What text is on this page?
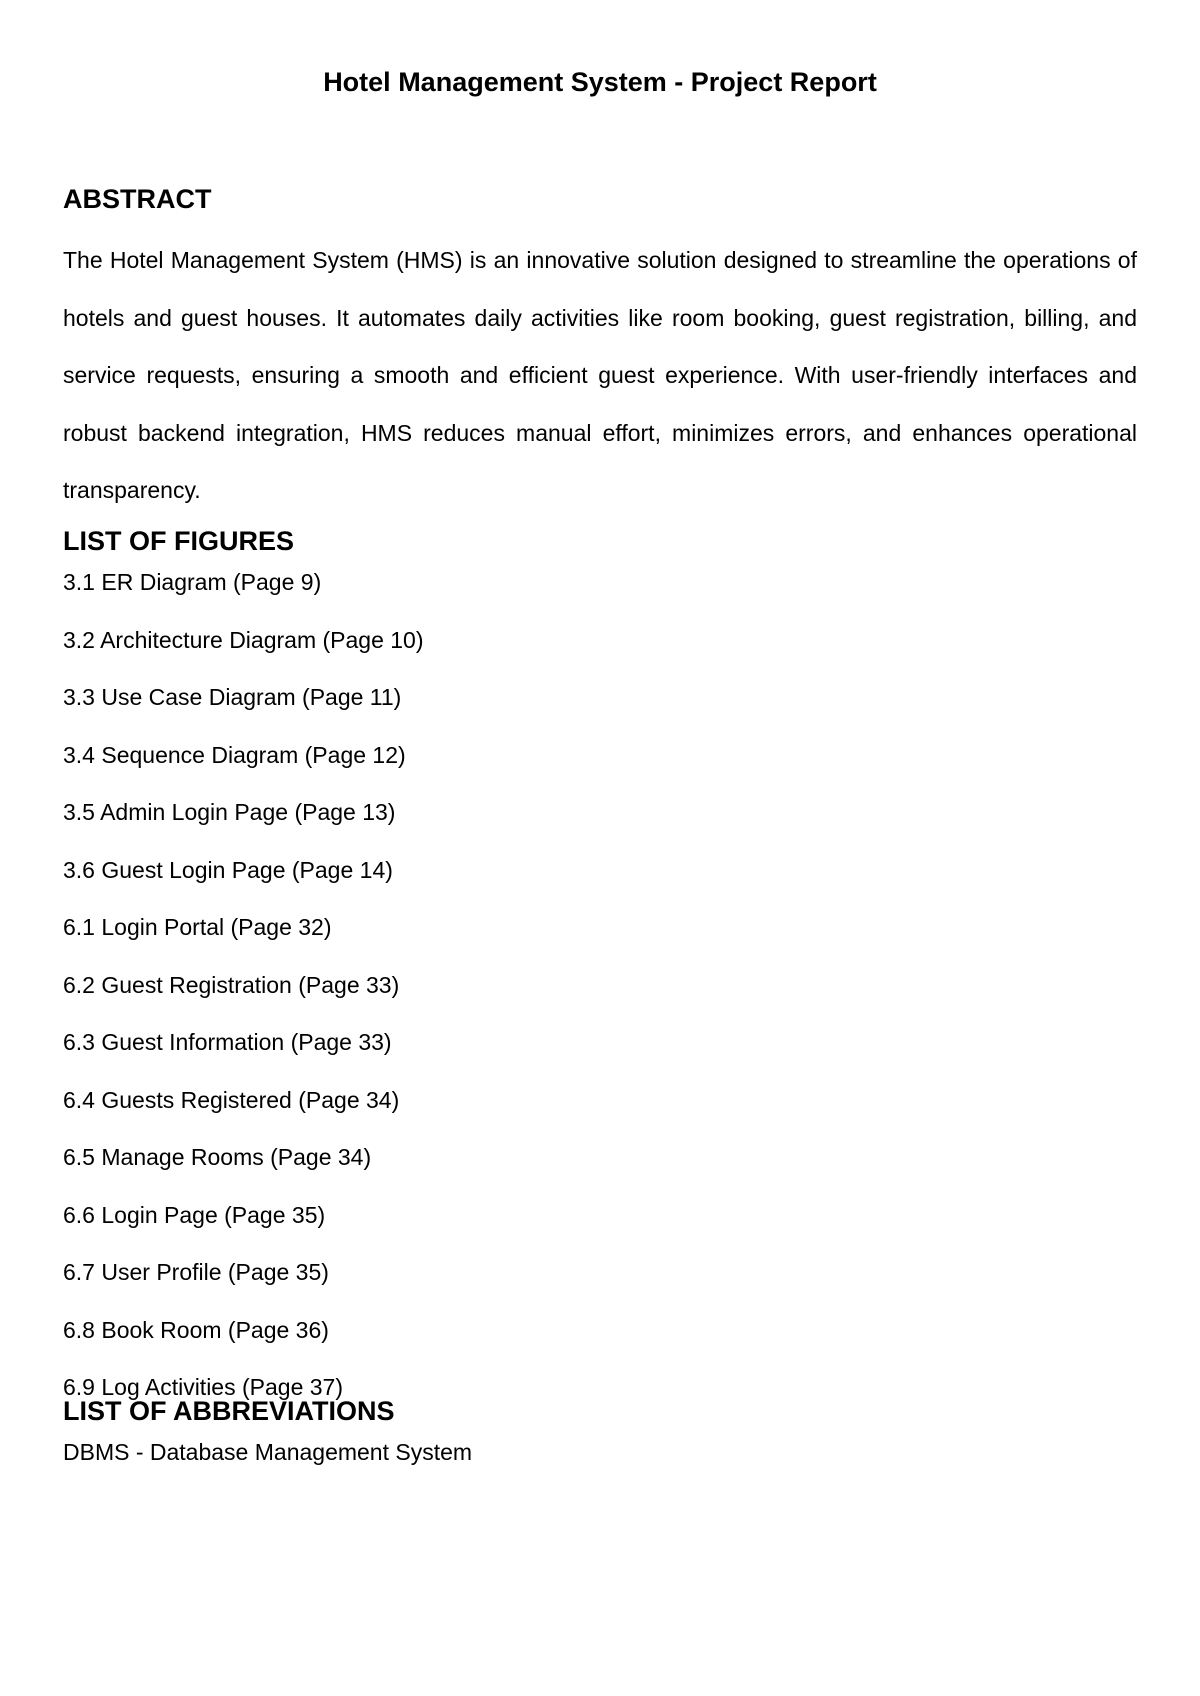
Hotel Management System - Project Report
ABSTRACT

The Hotel Management System (HMS) is an innovative solution designed to streamline the operations of hotels and guest houses. It automates daily activities like room booking, guest registration, billing, and service requests, ensuring a smooth and efficient guest experience. With user-friendly interfaces and robust backend integration, HMS reduces manual effort, minimizes errors, and enhances operational transparency.

LIST OF FIGURES
3.1 ER Diagram (Page 9)
3.2 Architecture Diagram (Page 10)
3.3 Use Case Diagram (Page 11)
3.4 Sequence Diagram (Page 12)
3.5 Admin Login Page (Page 13)
3.6 Guest Login Page (Page 14)
6.1 Login Portal (Page 32)
6.2 Guest Registration (Page 33)
6.3 Guest Information (Page 33)
6.4 Guests Registered (Page 34)
6.5 Manage Rooms (Page 34)
6.6 Login Page (Page 35)
6.7 User Profile (Page 35)
6.8 Book Room (Page 36)
6.9 Log Activities (Page 37)
LIST OF ABBREVIATIONS
DBMS - Database Management System
